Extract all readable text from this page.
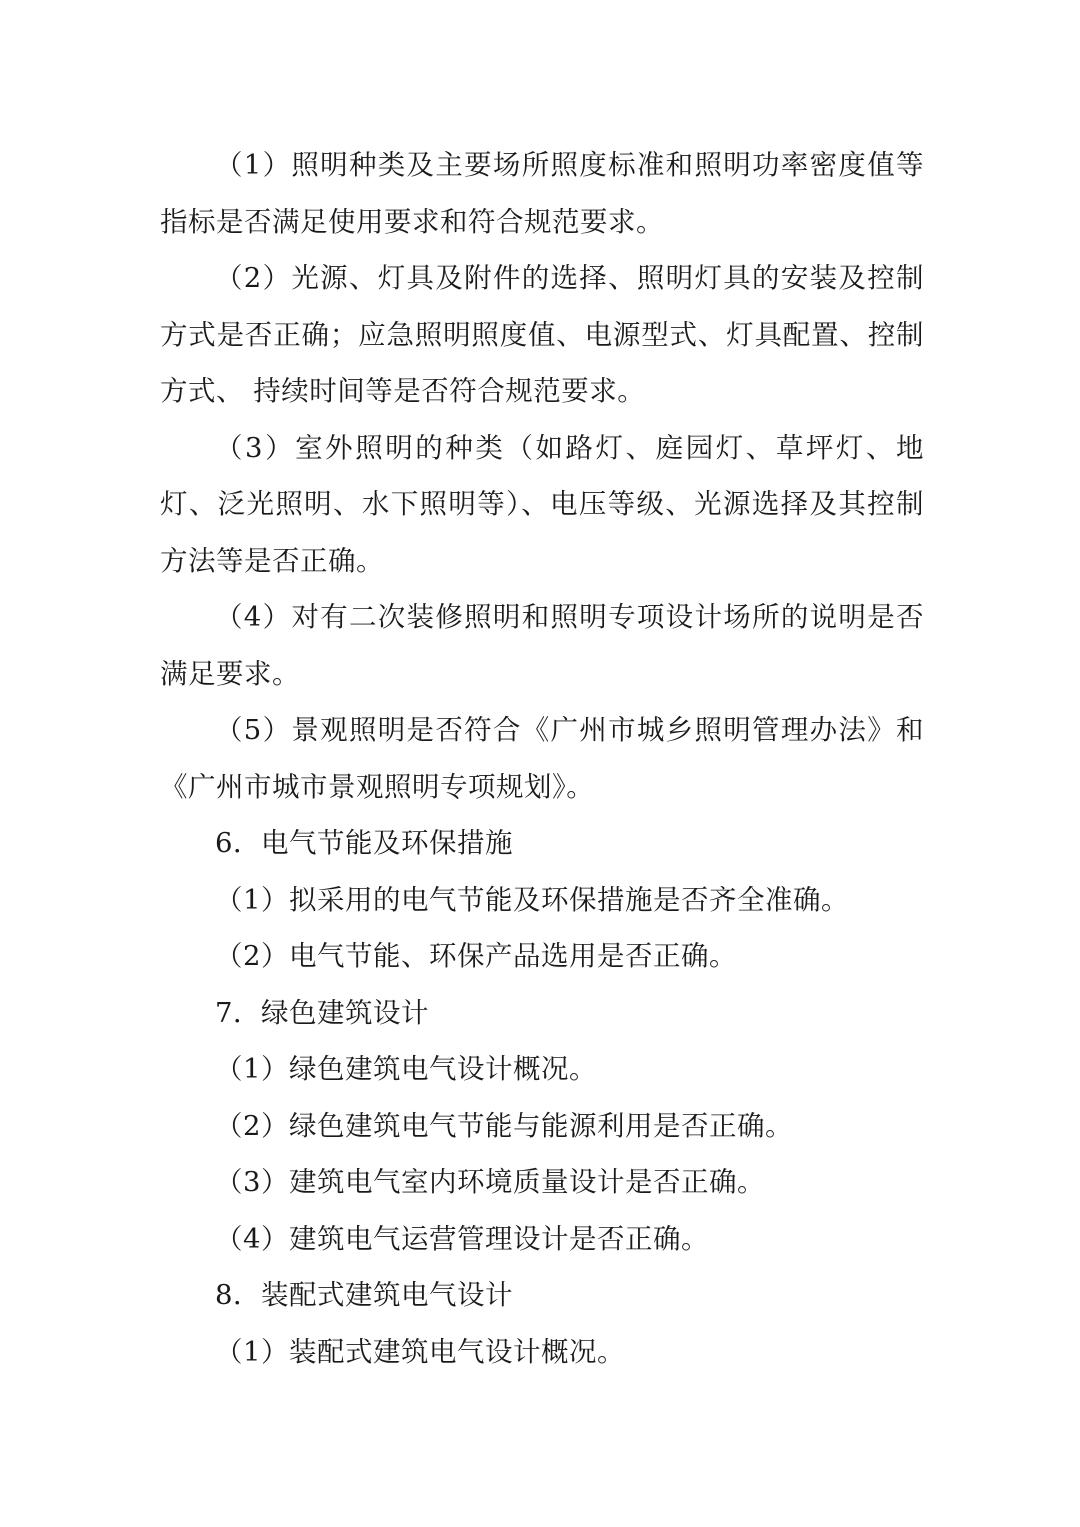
（1）照明种类及主要场所照度标准和照明功率密度值等指标是否满足使用要求和符合规范要求。

（2）光源、灯具及附件的选择、照明灯具的安装及控制方式是否正确；应急照明照度值、电源型式、灯具配置、控制方式、 持续时间等是否符合规范要求。

（3）室外照明的种类（如路灯、庭园灯、草坪灯、地灯、泛光照明、水下照明等）、电压等级、光源选择及其控制方法等是否正确。

（4）对有二次装修照明和照明专项设计场所的说明是否满足要求。

（5）景观照明是否符合《广州市城乡照明管理办法》和《广州市城市景观照明专项规划》。

6．电气节能及环保措施

（1）拟采用的电气节能及环保措施是否齐全准确。

（2）电气节能、环保产品选用是否正确。

7．绿色建筑设计

（1）绿色建筑电气设计概况。

（2）绿色建筑电气节能与能源利用是否正确。

（3）建筑电气室内环境质量设计是否正确。

（4）建筑电气运营管理设计是否正确。

8．装配式建筑电气设计

（1）装配式建筑电气设计概况。
